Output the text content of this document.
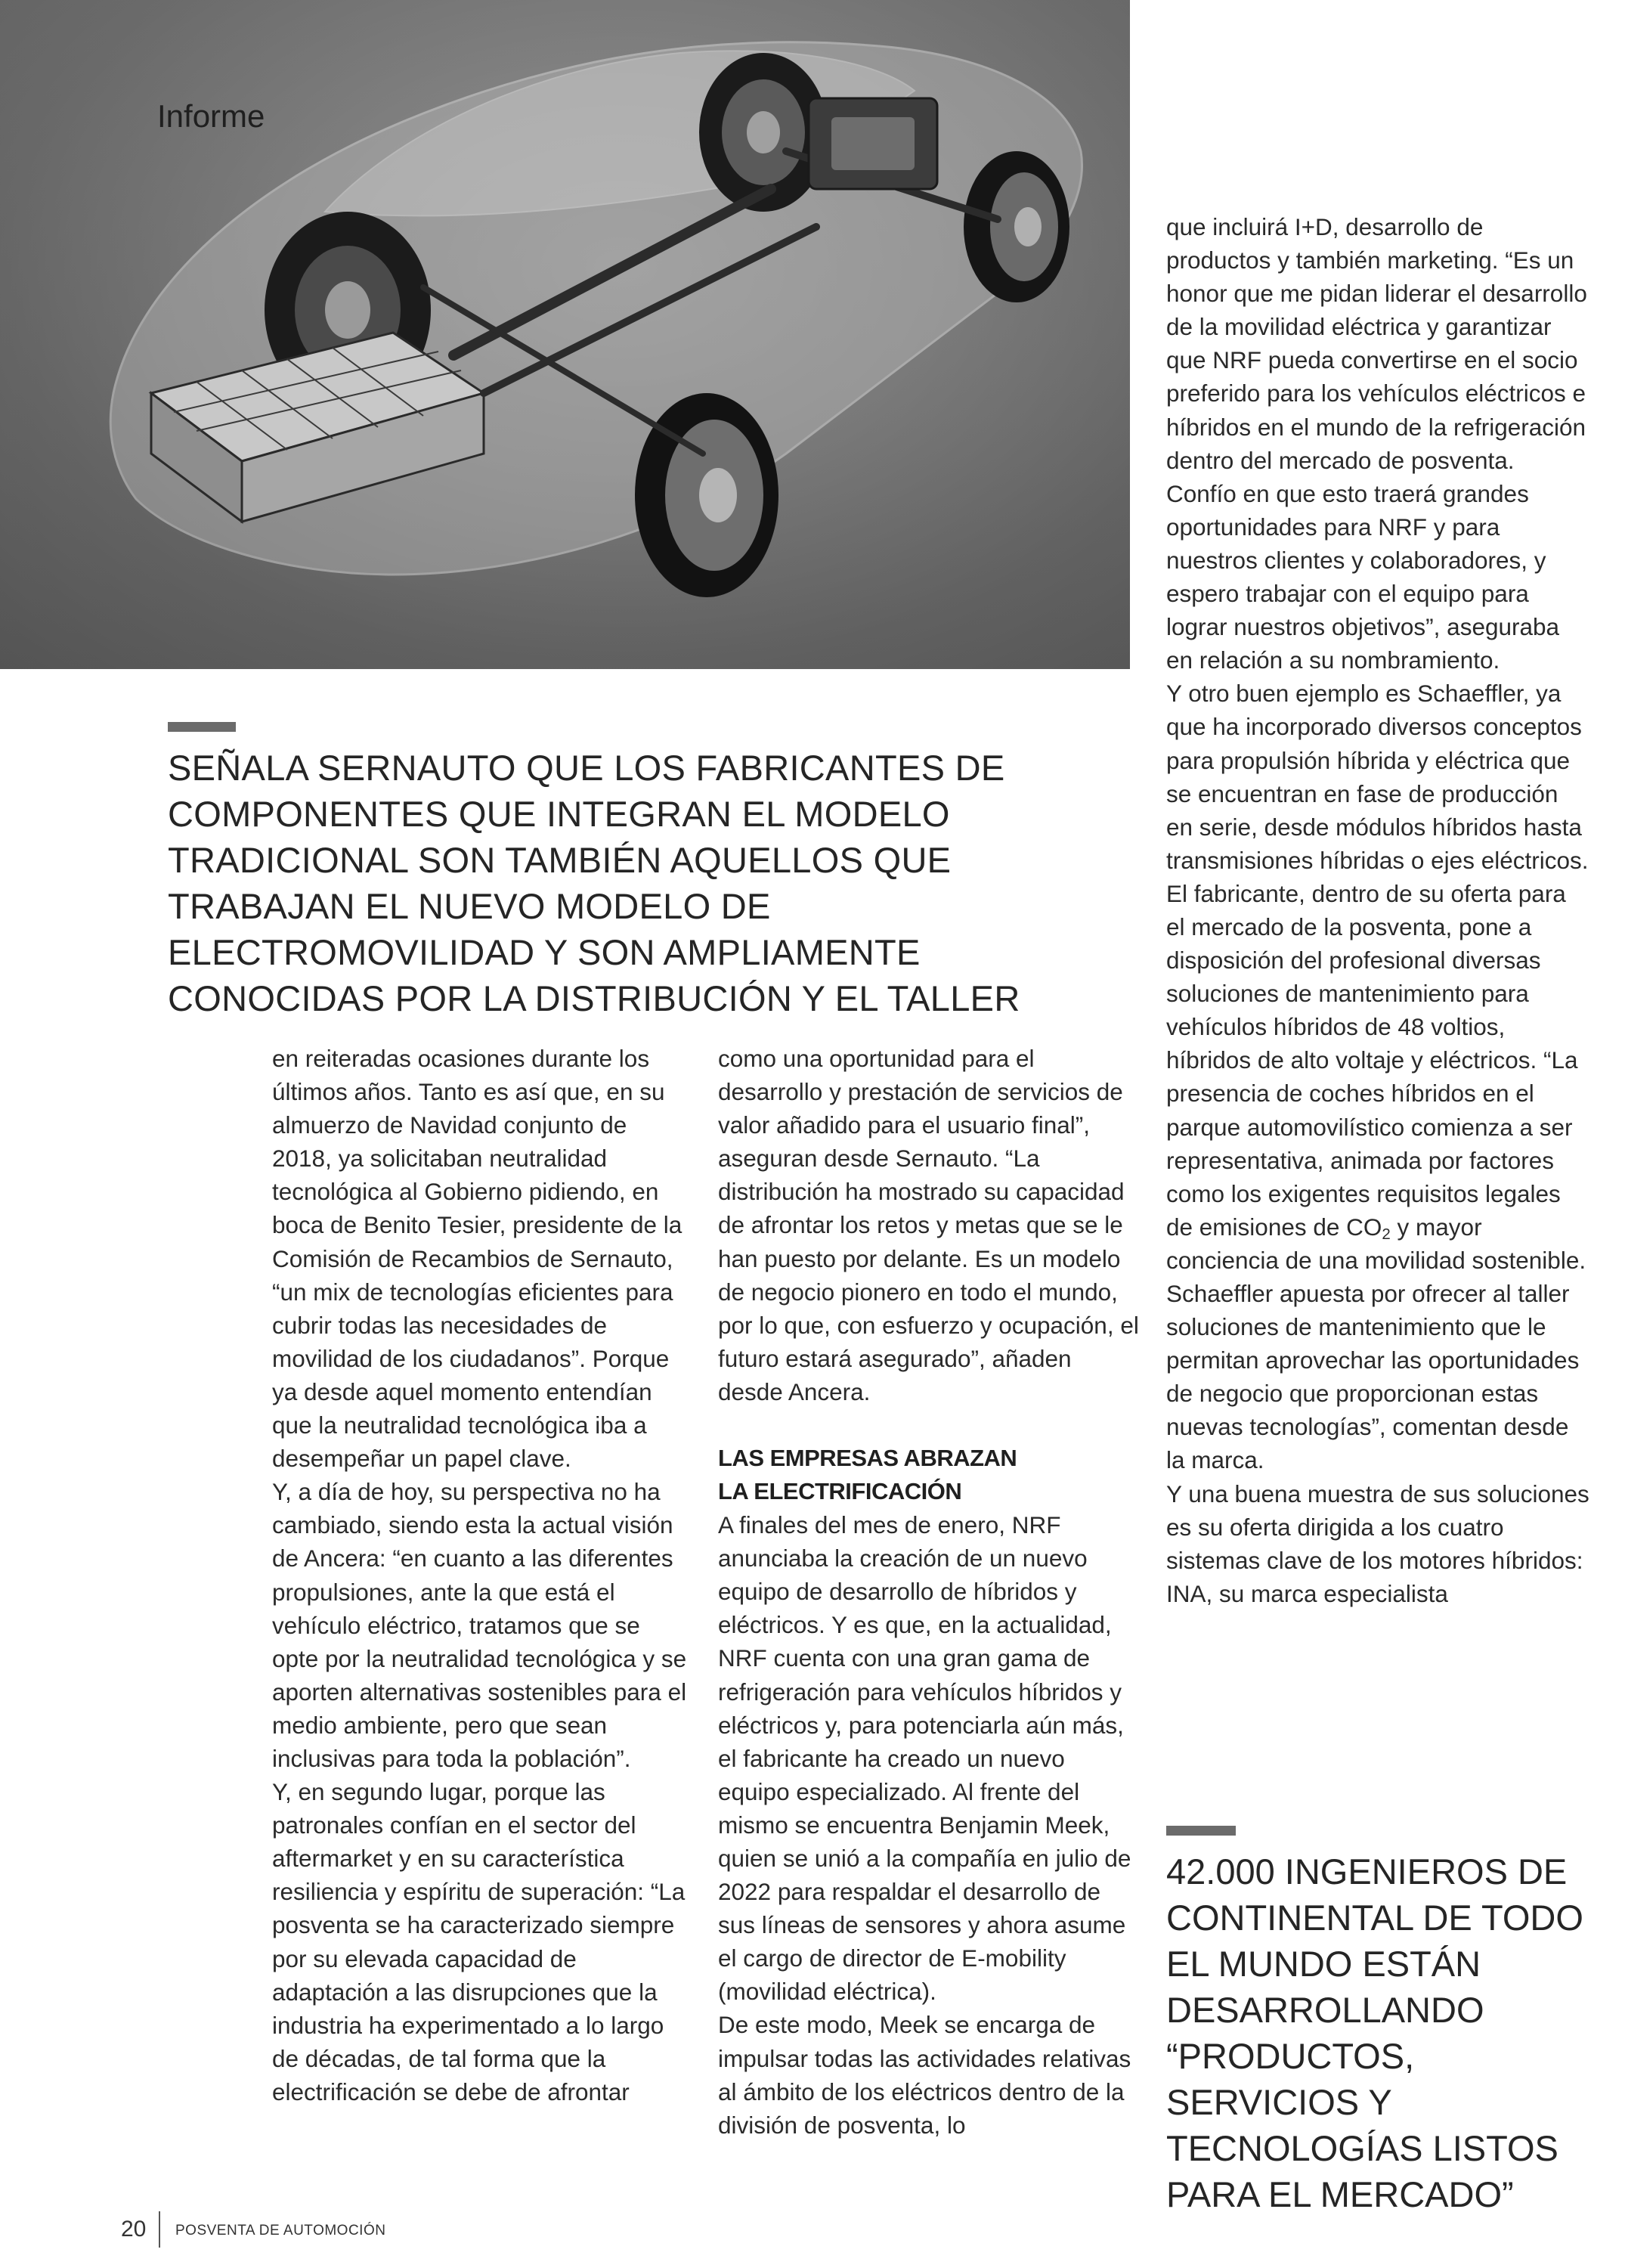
Informe
SEÑALA SERNAUTO QUE LOS FABRICANTES DE COMPONENTES QUE INTEGRAN EL MODELO TRADICIONAL SON TAMBIÉN AQUELLOS QUE TRABAJAN EL NUEVO MODELO DE ELECTROMOVILIDAD Y SON AMPLIAMENTE CONOCIDAS POR LA DISTRIBUCIÓN Y EL TALLER

en reiteradas ocasiones durante los últimos años. Tanto es así que, en su almuerzo de Navidad conjunto de 2018, ya solicitaban neutralidad tecnológica al Gobierno pidiendo, en boca de Benito Tesier, presidente de la Comisión de Recambios de Sernauto, “un mix de tecnologías eficientes para cubrir todas las necesidades de movilidad de los ciudadanos”. Porque ya desde aquel momento entendían que la neutralidad tecnológica iba a desempeñar un papel clave.

Y, a día de hoy, su perspectiva no ha cambiado, siendo esta la actual visión de Ancera: “en cuanto a las diferentes propulsiones, ante la que está el vehículo eléctrico, tratamos que se opte por la neutralidad tecnológica y se aporten alternativas sostenibles para el medio ambiente, pero que sean inclusivas para toda la población”.

Y, en segundo lugar, porque las patronales confían en el sector del aftermarket y en su característica resiliencia y espíritu de superación: “La posventa se ha caracterizado siempre por su elevada capacidad de adaptación a las disrupciones que la industria ha experimentado a lo largo de décadas, de tal forma que la electrificación se debe de afrontar

como una oportunidad para el desarrollo y prestación de servicios de valor añadido para el usuario final”, aseguran desde Sernauto. “La distribución ha mostrado su capacidad de afrontar los retos y metas que se le han puesto por delante. Es un modelo de negocio pionero en todo el mundo, por lo que, con esfuerzo y ocupación, el futuro estará asegurado”, añaden desde Ancera.

LAS EMPRESAS ABRAZAN
LA ELECTRIFICACIÓN

A finales del mes de enero, NRF anunciaba la creación de un nuevo equipo de desarrollo de híbridos y eléctricos. Y es que, en la actualidad, NRF cuenta con una gran gama de refrigeración para vehículos híbridos y eléctricos y, para potenciarla aún más, el fabricante ha creado un nuevo equipo especializado. Al frente del mismo se encuentra Benjamin Meek, quien se unió a la compañía en julio de 2022 para respaldar el desarrollo de sus líneas de sensores y ahora asume el cargo de director de E-mobility (movilidad eléctrica).

De este modo, Meek se encarga de impulsar todas las actividades relativas al ámbito de los eléctricos dentro de la división de posventa, lo

que incluirá I+D, desarrollo de productos y también marketing. “Es un honor que me pidan liderar el desarrollo de la movilidad eléctrica y garantizar que NRF pueda convertirse en el socio preferido para los vehículos eléctricos e híbridos en el mundo de la refrigeración dentro del mercado de posventa. Confío en que esto traerá grandes oportunidades para NRF y para nuestros clientes y colaboradores, y espero trabajar con el equipo para lograr nuestros objetivos”, aseguraba en relación a su nombramiento.

Y otro buen ejemplo es Schaeffler, ya que ha incorporado diversos conceptos para propulsión híbrida y eléctrica que se encuentran en fase de producción en serie, desde módulos híbridos hasta transmisiones híbridas o ejes eléctricos. El fabricante, dentro de su oferta para el mercado de la posventa, pone a disposición del profesional diversas soluciones de mantenimiento para vehículos híbridos de 48 voltios, híbridos de alto voltaje y eléctricos. “La presencia de coches híbridos en el parque automovilístico comienza a ser representativa, animada por factores como los exigentes requisitos legales de emisiones de $CO_2$ y mayor conciencia de una movilidad sostenible. Schaeffler apuesta por ofrecer al taller soluciones de mantenimiento que le permitan aprovechar las oportunidades de negocio que proporcionan estas nuevas tecnologías”, comentan desde la marca.

Y una buena muestra de sus soluciones es su oferta dirigida a los cuatro sistemas clave de los motores híbridos: INA, su marca especialista

42.000 INGENIEROS DE CONTINENTAL DE TODO EL MUNDO ESTÁN DESARROLLANDO “PRODUCTOS, SERVICIOS Y TECNOLOGÍAS LISTOS PARA EL MERCADO”
20 POSVENTA DE AUTOMOCIÓN
